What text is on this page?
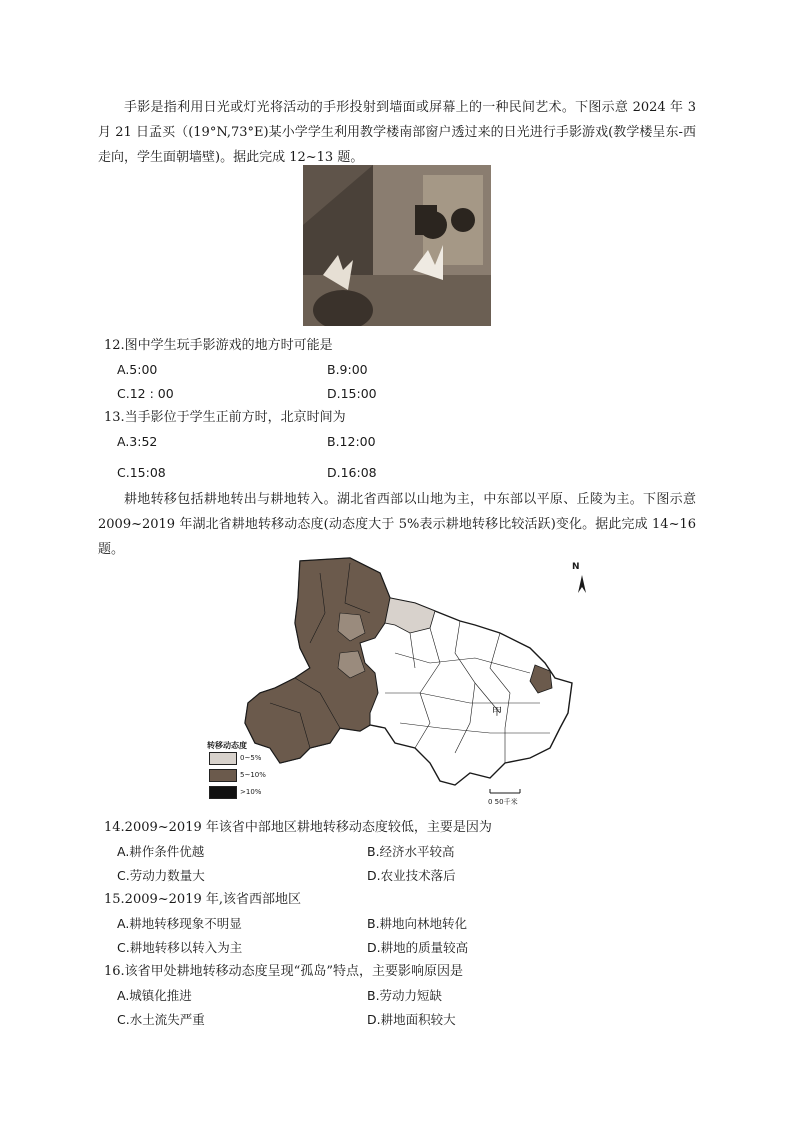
手影是指利用日光或灯光将活动的手形投射到墙面或屏幕上的一种民间艺术。下图示意 2024 年 3 月 21 日孟买（(19°N,73°E)某小学学生利用教学楼南部窗户透过来的日光进行手影游戏(教学楼呈东-西走向，学生面朝墙壁)。据此完成 12~13 题。

12.图中学生玩手影游戏的地方时可能是

A.5:00	B.9:00

C.12 : 00	D.15:00

13.当手影位于学生正前方时，北京时间为

A.3:52	B.12:00

C.15:08	D.16:08

耕地转移包括耕地转出与耕地转入。湖北省西部以山地为主，中东部以平原、丘陵为主。下图示意 2009~2019 年湖北省耕地转移动态度(动态度大于 5%表示耕地转移比较活跃)变化。据此完成 14~16 题。

甲
N
转移动态度
0~5%
5~10%
>10%
0 50千米

14.2009~2019 年该省中部地区耕地转移动态度较低，主要是因为

A.耕作条件优越	B.经济水平较高

C.劳动力数量大	D.农业技术落后

15.2009~2019 年,该省西部地区

A.耕地转移现象不明显	B.耕地向林地转化

C.耕地转移以转入为主	D.耕地的质量较高

16.该省甲处耕地转移动态度呈现“孤岛”特点，主要影响原因是

A.城镇化推进	B.劳动力短缺

C.水土流失严重	D.耕地面积较大
